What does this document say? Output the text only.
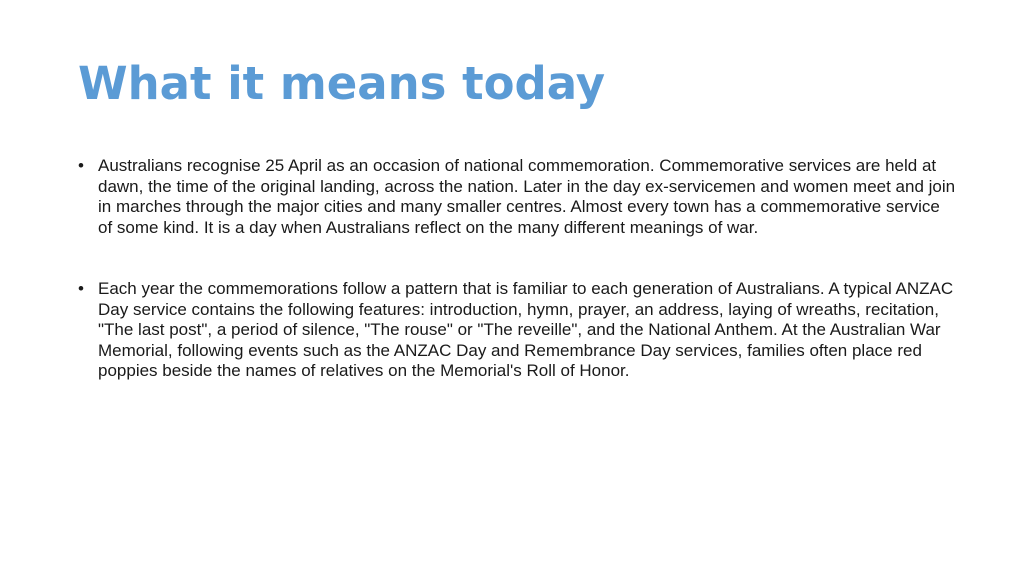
What it means today
• Australians recognise 25 April as an occasion of national commemoration. Commemorative services are held at dawn, the time of the original landing, across the nation. Later in the day ex-servicemen and women meet and join in marches through the major cities and many smaller centres. Almost every town has a commemorative service of some kind. It is a day when Australians reflect on the many different meanings of war.
• Each year the commemorations follow a pattern that is familiar to each generation of Australians. A typical ANZAC Day service contains the following features: introduction, hymn, prayer, an address, laying of wreaths, recitation, "The last post", a period of silence, "The rouse" or "The reveille", and the National Anthem. At the Australian War Memorial, following events such as the ANZAC Day and Remembrance Day services, families often place red poppies beside the names of relatives on the Memorial's Roll of Honor.
